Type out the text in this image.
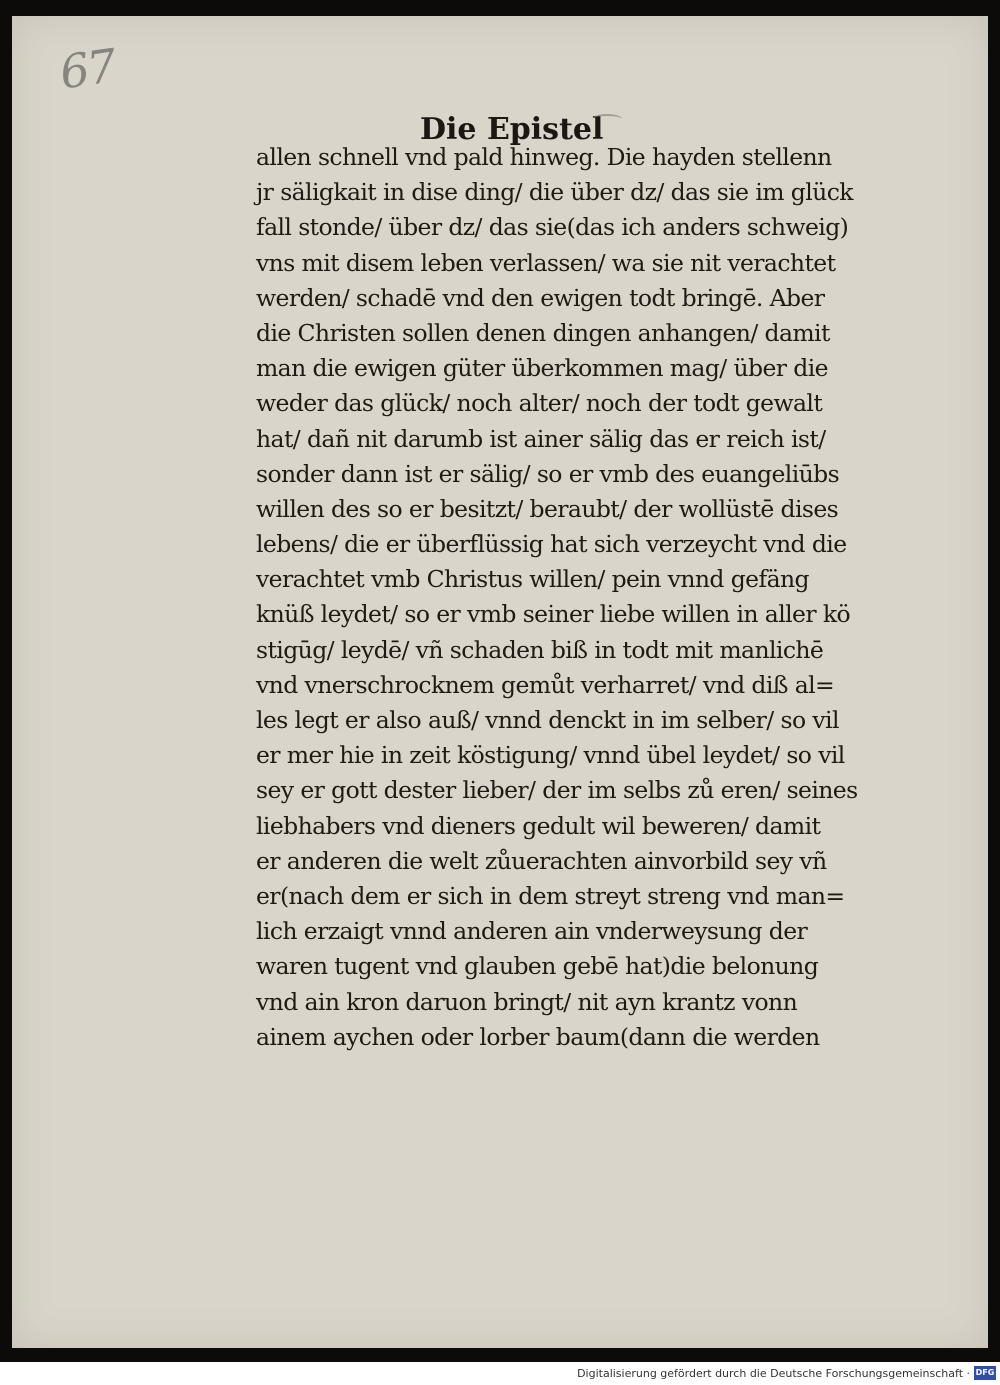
67
Die Epistel
allen schnell vnd pald hinweg. Die hayden stellenn
jr säligkait in dise ding/ die über dz/ das sie im glück
fall stonde/ über dz/ das sie(das ich anders schweig)
vns mit disem leben verlassen/ wa sie nit verachtet
werden/ schadē vnd den ewigen todt bringē. Aber
die Christen sollen denen dingen anhangen/ damit
man die ewigen güter überkommen mag/ über die
weder das glück/ noch alter/ noch der todt gewalt
hat/ dañ nit darumb ist ainer sälig das er reich ist/
sonder dann ist er sälig/ so er vmb des euangeliūbs
willen des so er besitzt/ beraubt/ der wollüstē dises
lebens/ die er überflüssig hat sich verzeycht vnd die
verachtet vmb Christus willen/ pein vnnd gefäng
knüß leydet/ so er vmb seiner liebe willen in aller kö
stigūg/ leydē/ vñ schaden biß in todt mit manlichē
vnd vnerschrocknem gemůt verharret/ vnd diß al=
les legt er also auß/ vnnd denckt in im selber/ so vil
er mer hie in zeit köstigung/ vnnd übel leydet/ so vil
sey er gott dester lieber/ der im selbs zů eren/ seines
liebhabers vnd dieners gedult wil beweren/ damit
er anderen die welt zůuerachten ainvorbild sey vñ
er(nach dem er sich in dem streyt streng vnd man=
lich erzaigt vnnd anderen ain vnderweysung der
waren tugent vnd glauben gebē hat)die belonung
vnd ain kron daruon bringt/ nit ayn krantz vonn
ainem aychen oder lorber baum(dann die werden
Digitalisierung gefördert durch die Deutsche Forschungsgemeinschaft · DFG
